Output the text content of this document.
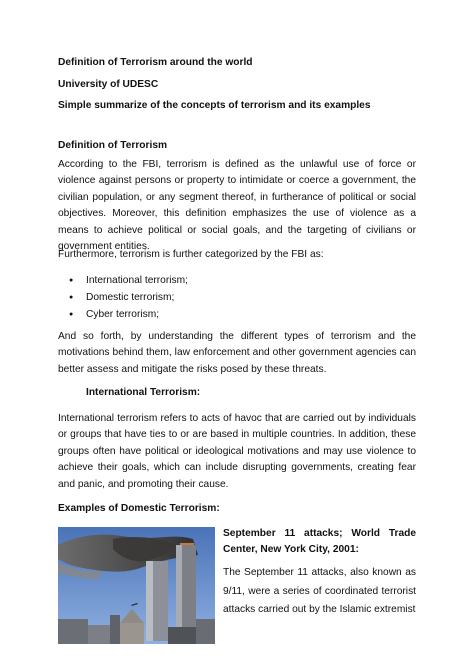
Definition of Terrorism around the world
University of UDESC
Simple summarize of the concepts of terrorism and its examples
Definition of Terrorism
According to the FBI, terrorism is defined as the unlawful use of force or violence against persons or property to intimidate or coerce a government, the civilian population, or any segment thereof, in furtherance of political or social objectives. Moreover, this definition emphasizes the use of violence as a means to achieve political or social goals, and the targeting of civilians or government entities.
Furthermore, terrorism is further categorized by the FBI as:
● International terrorism;
● Domestic terrorism;
● Cyber terrorism;
And so forth, by understanding the different types of terrorism and the motivations behind them, law enforcement and other government agencies can better assess and mitigate the risks posed by these threats.
International Terrorism:
International terrorism refers to acts of havoc that are carried out by individuals or groups that have ties to or are based in multiple countries. In addition, these groups often have political or ideological motivations and may use violence to achieve their goals, which can include disrupting governments, creating fear and panic, and promoting their cause.
Examples of Domestic Terrorism:
September 11 attacks; World Trade Center, New York City, 2001:
The September 11 attacks, also known as 9/11, were a series of coordinated terrorist attacks carried out by the Islamic extremist
